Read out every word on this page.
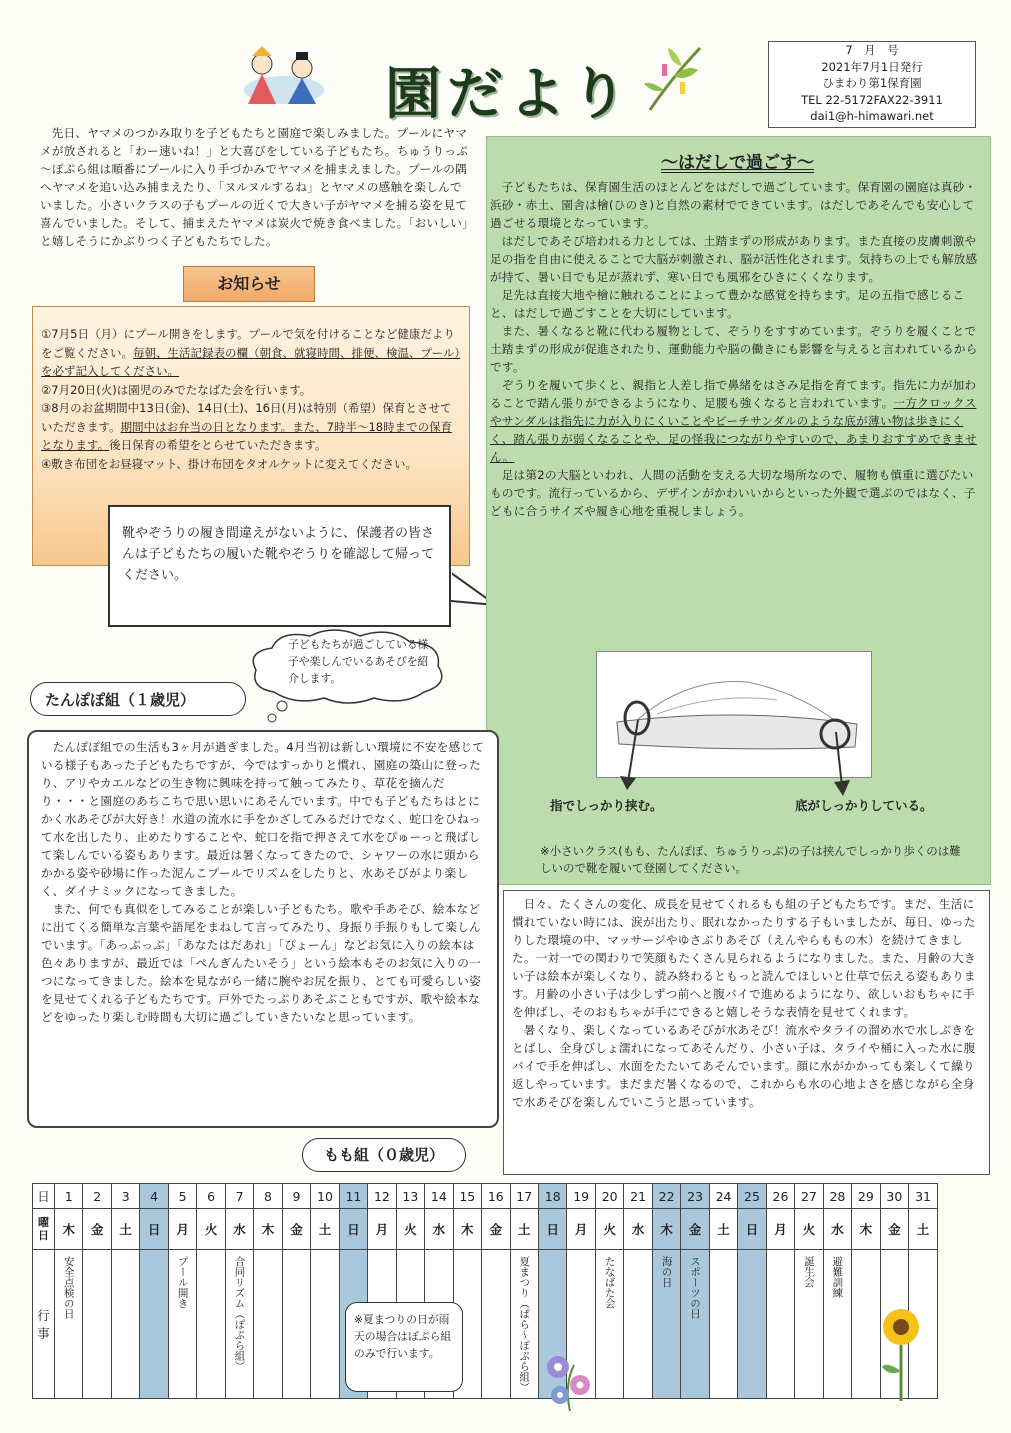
園だより
7　月　号
2021年7月1日発行
ひまわり第1保育園
TEL 22-5172FAX22-3911
dai1@h-himawari.net

先日、ヤマメのつかみ取りを子どもたちと園庭で楽しみました。プールにヤマメが放されると「わー速いね！」と大喜びをしている子どもたち。ちゅうりっぷ～ぽぷら組は順番にプールに入り手づかみでヤマメを捕まえました。プールの隅へヤマメを追い込み捕まえたり、「ヌルヌルするね」とヤマメの感触を楽しんでいました。小さいクラスの子もプールの近くで大きい子がヤマメを捕る姿を見て喜んでいました。そして、捕まえたヤマメは炭火で焼き食べました。「おいしい」と嬉しそうにかぶりつく子どもたちでした。

お知らせ
①7月5日（月）にプール開きをします。プールで気を付けることなど健康だよりをご覧ください。毎朝、生活記録表の欄（朝食、就寝時間、排便、検温、プール）を必ず記入してください。
②7月20日(火)は園児のみでたなばた会を行います。
③8月のお盆期間中13日(金)、14日(土)、16日(月)は特別（希望）保育とさせていただきます。期間中はお弁当の日となります。また、7時半～18時までの保育となります。後日保育の希望をとらせていただきます。
④敷き布団をお昼寝マット、掛け布団をタオルケットに変えてください。
靴やぞうりの履き間違えがないように、保護者の皆さんは子どもたちの履いた靴やぞうりを確認して帰ってください。
～はだしで過ごす～

子どもたちは、保育園生活のほとんどをはだしで過ごしています。保育園の園庭は真砂・浜砂・赤土、園舎は檜(ひのき)と自然の素材でできています。はだしであそんでも安心して過ごせる環境となっています。

はだしであそび培われる力としては、土踏まずの形成があります。また直接の皮膚刺激や足の指を自由に使えることで大脳が刺激され、脳が活性化されます。気持ちの上でも解放感が持て、暑い日でも足が蒸れず、寒い日でも風邪をひきにくくなります。

足先は直接大地や檜に触れることによって豊かな感覚を持ちます。足の五指で感じること、はだしで過ごすことを大切にしています。

また、暑くなると靴に代わる履物として、ぞうりをすすめています。ぞうりを履くことで土踏まずの形成が促進されたり、運動能力や脳の働きにも影響を与えると言われているからです。

ぞうりを履いて歩くと、親指と人差し指で鼻緒をはさみ足指を育てます。指先に力が加わることで踏ん張りができるようになり、足腰も強くなると言われています。一方クロックスやサンダルは指先に力が入りにくいことやビーチサンダルのような底が薄い物は歩きにくく、踏ん張りが弱くなることや、足の怪我につながりやすいので、あまりおすすめできません。

足は第2の大脳といわれ、人間の活動を支える大切な場所なので、履物も慎重に選びたいものです。流行っているから、デザインがかわいいからといった外観で選ぶのではなく、子どもに合うサイズや履き心地を重視しましょう。

指でしっかり挟む。	底がしっかりしている。
※小さいクラス(もも、たんぽぽ、ちゅうりっぷ)の子は挟んでしっかり歩くのは難しいので靴を履いて登園してください。
子どもたちが過ごしている様子や楽しんでいるあそびを紹介します。
たんぽぽ組（１歳児）

たんぽぽ組での生活も3ヶ月が過ぎました。4月当初は新しい環境に不安を感じている様子もあった子どもたちですが、今ではすっかりと慣れ、園庭の築山に登ったり、アリやカエルなどの生き物に興味を持って触ってみたり、草花を摘んだり・・・と園庭のあちこちで思い思いにあそんでいます。中でも子どもたちはとにかく水あそびが大好き！水道の流水に手をかざしてみるだけでなく、蛇口をひねって水を出したり、止めたりすることや、蛇口を指で押さえて水をぴゅーっと飛ばして楽しんでいる姿もあります。最近は暑くなってきたので、シャワーの水に頭からかかる姿や砂場に作った泥んこプールでリズムをしたりと、水あそびがより楽しく、ダイナミックになってきました。

また、何でも真似をしてみることが楽しい子どもたち。歌や手あそび、絵本などに出てくる簡単な言葉や語尾をまねして言ってみたり、身振り手振りもして楽しんでいます。「あっぷっぷ」「あなたはだあれ」「ぴょーん」などお気に入りの絵本は色々ありますが、最近では「ぺんぎんたいそう」という絵本もそのお気に入りの一つになってきました。絵本を見ながら一緒に腕やお尻を振り、とても可愛らしい姿を見せてくれる子どもたちです。戸外でたっぷりあそぶこともですが、歌や絵本などをゆったり楽しむ時間も大切に過ごしていきたいなと思っています。

日々、たくさんの変化、成長を見せてくれるもも組の子どもたちです。まだ、生活に慣れていない時には、涙が出たり、眠れなかったりする子もいましたが、毎日、ゆったりした環境の中、マッサージやゆさぶりあそび（えんやらももの木）を続けてきました。一対一での関わりで笑顔もたくさん見られるようになりました。また、月齢の大きい子は絵本が楽しくなり、読み終わるともっと読んでほしいと仕草で伝える姿もあります。月齢の小さい子は少しずつ前へと腹バイで進めるようになり、欲しいおもちゃに手を伸ばし、そのおもちゃが手にできると嬉しそうな表情を見せてくれます。

暑くなり、楽しくなっているあそびが水あそび！流水やタライの溜め水で水しぶきをとばし、全身びしょ濡れになってあそんだり、小さい子は、タライや桶に入った水に腹バイで手を伸ばし、水面をたたいてあそんでいます。顔に水がかかっても楽しくて繰り返しやっています。まだまだ暑くなるので、これからも水の心地よさを感じながら全身で水あそびを楽しんでいこうと思っています。

もも組（０歳児）
日	1	2	3	4	5	6	7	8	9	10	11	12	13	14	15	16	17	18	19	20	21	22	23	24	25	26	27	28	29	30	31
曜日	木	金	土	日	月	火	水	木	金	土	日	月	火	水	木	金	土	日	月	火	水	木	金	土	日	月	火	水	木	金	土
行事	安全点検の日				プール開き		合同リズム（ぽぷら組）										夏まつり（ぱら～ぽぷら組）			たなばた会		海の日	スポーツの日				誕生会	避難訓練			

※夏まつりの日が雨天の場合はぽぷら組のみで行います。
